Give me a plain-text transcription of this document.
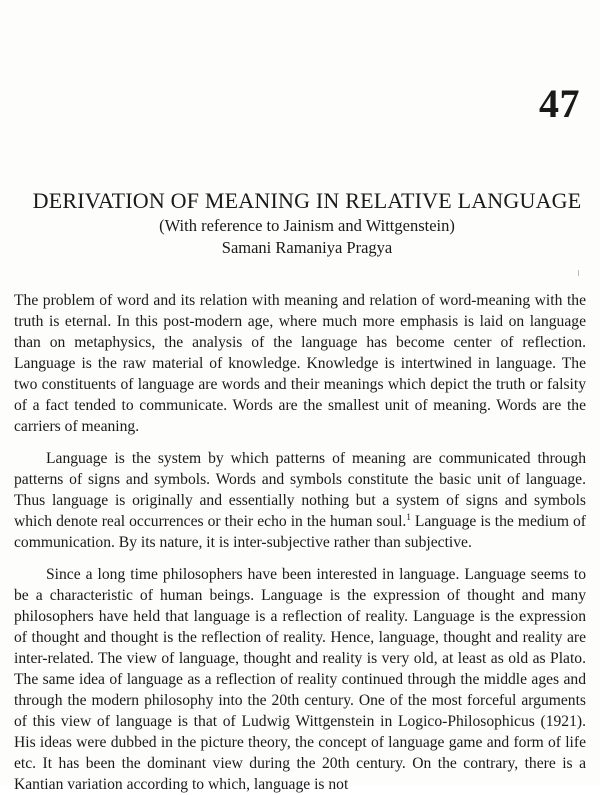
47
DERIVATION OF MEANING IN RELATIVE LANGUAGE
(With reference to Jainism and Wittgenstein)
Samani Ramaniya Pragya

The problem of word and its relation with meaning and relation of word-meaning with the truth is eternal. In this post-modern age, where much more emphasis is laid on language than on metaphysics, the analysis of the language has become center of reflection. Language is the raw material of knowledge. Knowledge is intertwined in language. The two constituents of language are words and their meanings which depict the truth or falsity of a fact tended to communicate. Words are the smallest unit of meaning. Words are the carriers of meaning.

Language is the system by which patterns of meaning are communicated through patterns of signs and symbols. Words and symbols constitute the basic unit of language. Thus language is originally and essentially nothing but a system of signs and symbols which denote real occurrences or their echo in the human soul.$^1$ Language is the medium of communication. By its nature, it is inter-subjective rather than subjective.

Since a long time philosophers have been interested in language. Language seems to be a characteristic of human beings. Language is the expression of thought and many philosophers have held that language is a reflection of reality. Language is the expression of thought and thought is the reflection of reality. Hence, language, thought and reality are inter-related. The view of language, thought and reality is very old, at least as old as Plato. The same idea of language as a reflection of reality continued through the middle ages and through the modern philosophy into the 20th century. One of the most forceful arguments of this view of language is that of Ludwig Wittgenstein in Logico-Philosophicus (1921). His ideas were dubbed in the picture theory, the concept of language game and form of life etc. It has been the dominant view during the 20th century. On the contrary, there is a Kantian variation according to which, language is not
